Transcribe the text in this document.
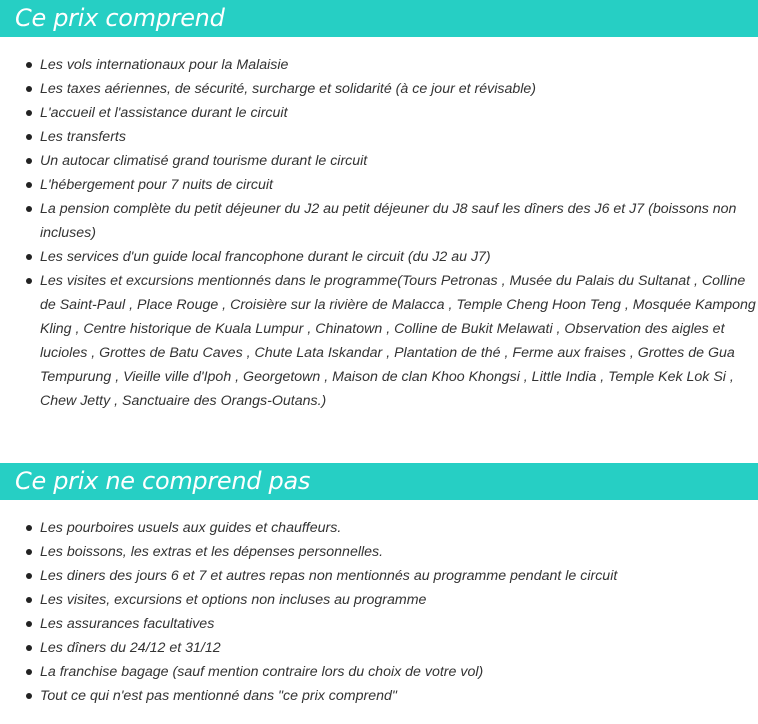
Ce prix comprend
Les vols internationaux pour la Malaisie
Les taxes aériennes, de sécurité, surcharge et solidarité (à ce jour et révisable)
L'accueil et l'assistance durant le circuit
Les transferts
Un autocar climatisé grand tourisme durant le circuit
L'hébergement pour 7 nuits de circuit
La pension complète du petit déjeuner du J2 au petit déjeuner du J8 sauf les dîners des J6 et J7 (boissons non incluses)
Les services d'un guide local francophone durant le circuit (du J2 au J7)
Les visites et excursions mentionnés dans le programme(Tours Petronas , Musée du Palais du Sultanat , Colline de Saint-Paul , Place Rouge , Croisière sur la rivière de Malacca , Temple Cheng Hoon Teng , Mosquée Kampong Kling , Centre historique de Kuala Lumpur , Chinatown , Colline de Bukit Melawati , Observation des aigles et lucioles , Grottes de Batu Caves , Chute Lata Iskandar , Plantation de thé , Ferme aux fraises , Grottes de Gua Tempurung , Vieille ville d'Ipoh , Georgetown , Maison de clan Khoo Khongsi , Little India , Temple Kek Lok Si , Chew Jetty , Sanctuaire des Orangs-Outans.)
Ce prix ne comprend pas
Les pourboires usuels aux guides et chauffeurs.
Les boissons, les extras et les dépenses personnelles.
Les diners des jours 6 et 7 et autres repas non mentionnés au programme pendant le circuit
Les visites, excursions et options non incluses au programme
Les assurances facultatives
Les dîners du 24/12 et 31/12
La franchise bagage (sauf mention contraire lors du choix de votre vol)
Tout ce qui n'est pas mentionné dans "ce prix comprend"
